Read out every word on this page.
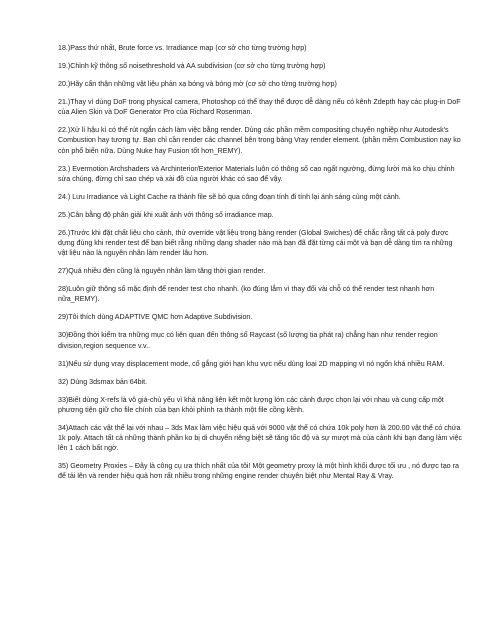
18.)Pass thứ nhất, Brute force vs. Irradiance map (cơ sở cho từng trường hợp)

19.)Chỉnh kỹ thông số noisethreshold và AA subdivision (cơ sở cho từng trường hợp)

20.)Hãy cẩn thận những vật liệu phản xạ bóng và bóng mờ (cơ sở cho từng trường hợp)

21.)Thay vì dùng DoF trong physical camera, Photoshop có thể thay thế được dễ dàng nếu có kênh Zdepth hay các plug-in DoF của Alien Skin và DoF Generator Pro của Richard Rosenman.

22.)Xử lí hậu kì có thể rút ngắn cách làm việc bằng render. Dùng các phần mềm compositing chuyên nghiệp như Autodesk's Combustion hay tương tự. Bạn chỉ cần render các channel bên trong bảng Vray render element. (phần mềm Combustion nay ko còn phổ biến nữa. Dùng Nuke hay Fusion tốt hơn_REMY).

23.) Evermotion Archshaders và Archinterior/Exterior Materials luôn có thông số cao ngất ngưởng, đừng lười mà ko chịu chỉnh sửa chúng, đừng chỉ sao chép và xài đồ của người khác có sao để vậy.

24.) Lưu Irradiance và Light Cache ra thành file sẽ bỏ qua công đoạn tính đi tính lại ánh sáng cùng một cảnh.

25.)Cân bằng độ phân giải khi xuất ảnh với thông số irradiance map.

26.)Trước khi đặt chất liệu cho cảnh, thử override vật liệu trong bảng render (Global Swiches) để chắc rằng tất cả poly được dựng đúng khi render test để bạn biết rằng những dạng shader nào mà bạn đã đặt từng cái một và bạn dễ dàng tìm ra những vật liệu nào là nguyên nhân làm render lâu hơn.

27)Quá nhiều đèn cũng là nguyên nhân làm tăng thời gian render.

28)Luôn giữ thông số mặc định để render test cho nhanh. (ko đúng lắm vì thay đổi vài chỗ có thể render test nhanh hơn nữa_REMY).

29)Tôi thích dùng ADAPTIVE QMC hơn Adaptive Subdivision.

30)Đồng thời kiểm tra những mục có liên quan đến thông số Raycast (số lượng tia phát ra) chẳng hạn như render region division,region sequence v.v..

31)Nếu sử dụng vray displacement mode, cố gắng giới hạn khu vực nếu dùng loại 2D mapping vì nó ngốn khá nhiều RAM.

32) Dùng 3dsmax bản 64bit.

33)Biết dùng X-refs là vô giá-chủ yếu vì khả năng liên kết một lượng lớn các cảnh được chọn lại với nhau và cung cấp một phương tiện giữ cho file chính của bạn khỏi phình ra thành một file cồng kềnh.

34)Attach các vật thể lại với nhau – 3ds Max làm việc hiệu quả với 9000 vật thể có chứa 10k poly hơn là 200.00 vật thể có chứa 1k poly. Attach tất cả những thành phần ko bị di chuyển riêng biệt sẽ tăng tốc độ và sự mượt mà của cảnh khi bạn đang làm việc lên 1 cách bất ngờ.

35) Geometry Proxies – Đây là công cụ ưa thích nhất của tôi! Một geometry proxy là một hình khối được tối ưu , nó được tạo ra để tải lên và render hiệu quả hơn rất nhiều trong những engine render chuyên biệt như Mental Ray & Vray.
